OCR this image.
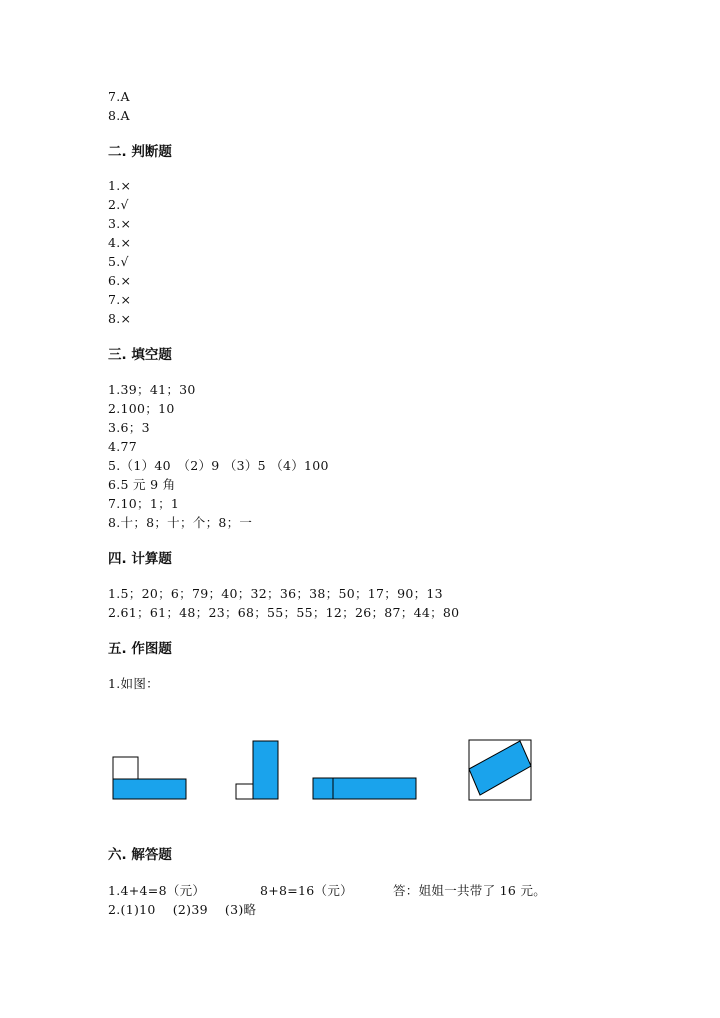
7.A
8.A
二. 判断题
1.×
2.√
3.×
4.×
5.√
6.×
7.×
8.×
三. 填空题
1.39；41；30
2.100；10
3.6；3
4.77
5.（1）40　（2）9 （3）5 （4）100
6.5 元 9 角
7.10；1；1
8.十；8；十；个；8；一
四. 计算题
1.5；20；6；79；40；32；36；38；50；17；90；13
2.61；61；48；23；68；55；55；12；26；87；44；80
五. 作图题
1.如图：
六. 解答题
1.4+4=8（元）	8+8=16（元）	答：姐姐一共带了 16 元。
2.(1)10　 (2)39　 (3)略
